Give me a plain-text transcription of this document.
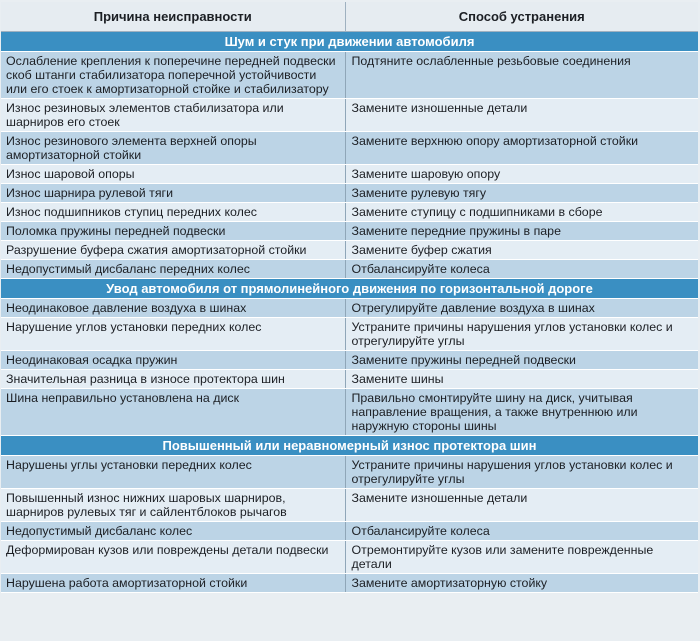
Причина неисправности	Способ устранения
Шум и стук при движении автомобиля	
Ослабление крепления к поперечине передней подвески скоб штанги стабилизатора поперечной устойчивости или его стоек к амортизаторной стойке и стабилизатору	Подтяните ослабленные резьбовые соединения
Износ резиновых элементов стабилизатора или шарниров его стоек	Замените изношенные детали
Износ резинового элемента верхней опоры амортизаторной стойки	Замените верхнюю опору амортизаторной стойки
Износ шаровой опоры	Замените шаровую опору
Износ шарнира рулевой тяги	Замените рулевую тягу
Износ подшипников ступиц передних колес	Замените ступицу с подшипниками в сборе
Поломка пружины передней подвески	Замените передние пружины в паре
Разрушение буфера сжатия амортизаторной стойки	Замените буфер сжатия
Недопустимый дисбаланс передних колес	Отбалансируйте колеса
Увод автомобиля от прямолинейного движения по горизонтальной дороге	
Неодинаковое давление воздуха в шинах	Отрегулируйте давление воздуха в шинах
Нарушение углов установки передних колес	Устраните причины нарушения углов установки колес и отрегулируйте углы
Неодинаковая осадка пружин	Замените пружины передней подвески
Значительная разница в износе протектора шин	Замените шины
Шина неправильно установлена на диск	Правильно смонтируйте шину на диск, учитывая направление вращения, а также внутреннюю или наружную стороны шины
Повышенный или неравномерный износ протектора шин	
Нарушены углы установки передних колес	Устраните причины нарушения углов установки колес и отрегулируйте углы
Повышенный износ нижних шаровых шарниров, шарниров рулевых тяг и сайлентблоков рычагов	Замените изношенные детали
Недопустимый дисбаланс колес	Отбалансируйте колеса
Деформирован кузов или повреждены детали подвески	Отремонтируйте кузов или замените поврежденные детали
Нарушена работа амортизаторной стойки	Замените амортизаторную стойку
